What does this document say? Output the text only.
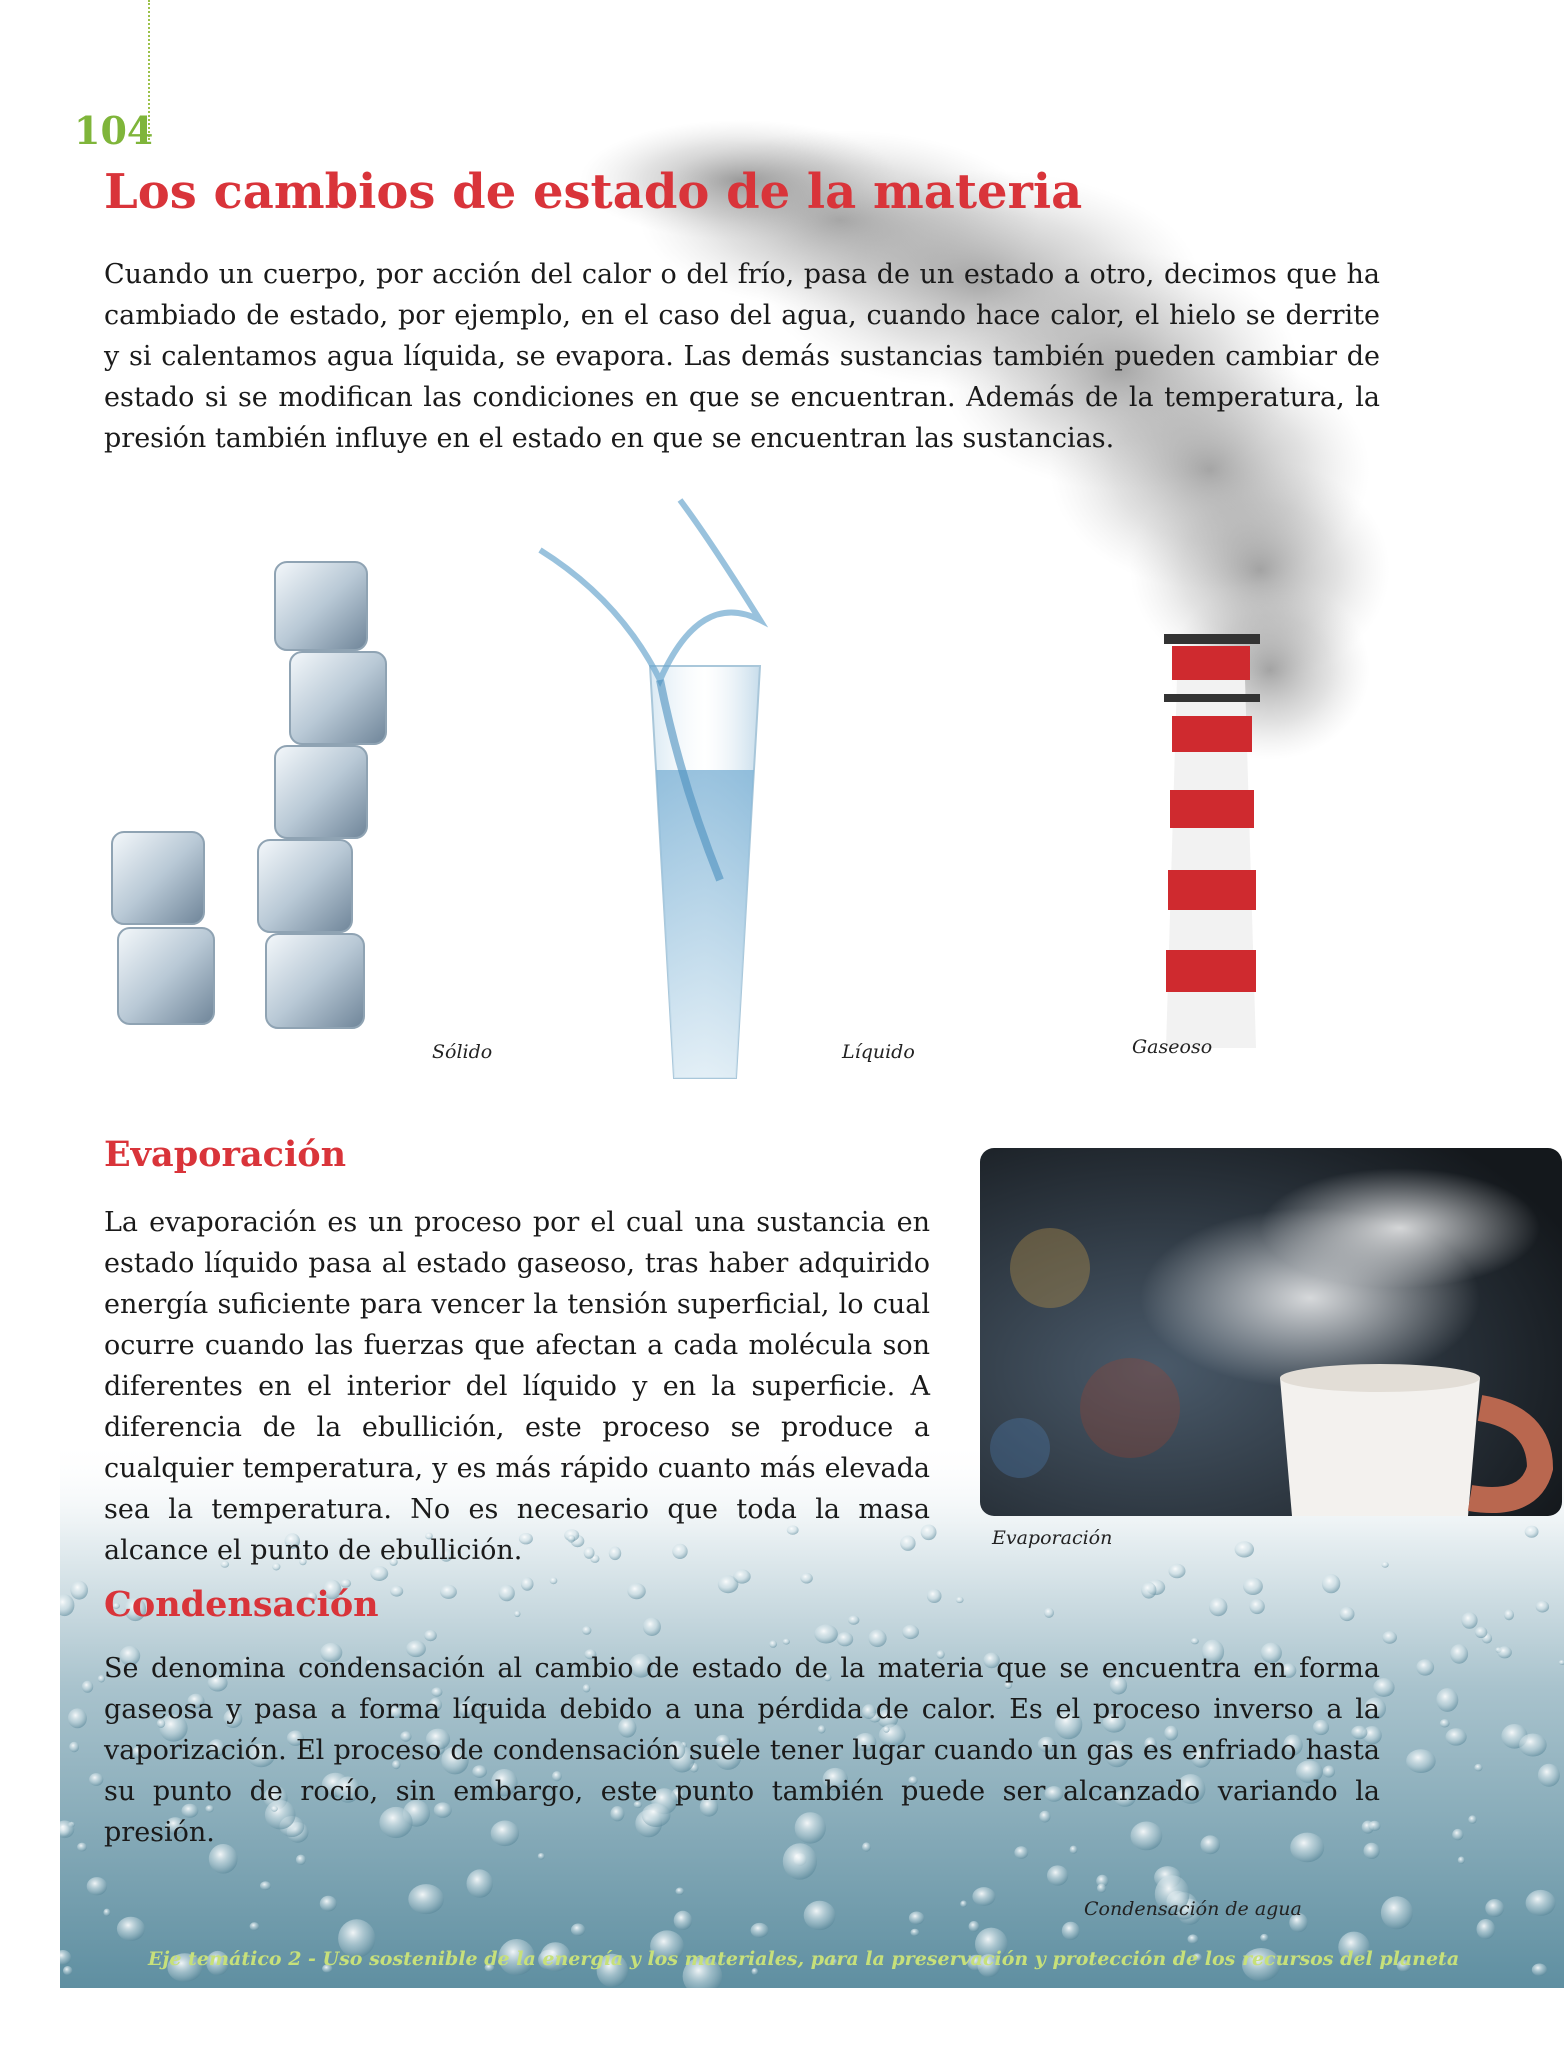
104
Los cambios de estado de la materia
Cuando un cuerpo, por acción del calor o del frío, pasa de un estado a otro, decimos que ha cambiado de estado, por ejemplo, en el caso del agua, cuando hace calor, el hielo se derrite y si calentamos agua líquida, se evapora. Las demás sustancias también pueden cambiar de estado si se modifican las condiciones en que se encuentran. Además de la temperatura, la presión también influye en el estado en que se encuentran las sustancias.
Sólido	Líquido	Gaseoso
Evaporación
La evaporación es un proceso por el cual una sustancia en estado líquido pasa al estado gaseoso, tras haber adquirido energía suficiente para vencer la tensión superficial, lo cual ocurre cuando las fuerzas que afectan a cada molécula son diferentes en el interior del líquido y en la superficie. A diferencia de la ebullición, este proceso se produce a cualquier temperatura, y es más rápido cuanto más elevada sea la temperatura. No es necesario que toda la masa alcance el punto de ebullición.	Evaporación
Condensación
Se denomina condensación al cambio de estado de la materia que se encuentra en forma gaseosa y pasa a forma líquida debido a una pérdida de calor. Es el proceso inverso a la vaporización. El proceso de condensación suele tener lugar cuando un gas es enfriado hasta su punto de rocío, sin embargo, este punto también puede ser alcanzado variando la presión.
Condensación de agua
Eje temático 2 - Uso sostenible de la energía y los materiales, para la preservación y protección de los recursos del planeta
